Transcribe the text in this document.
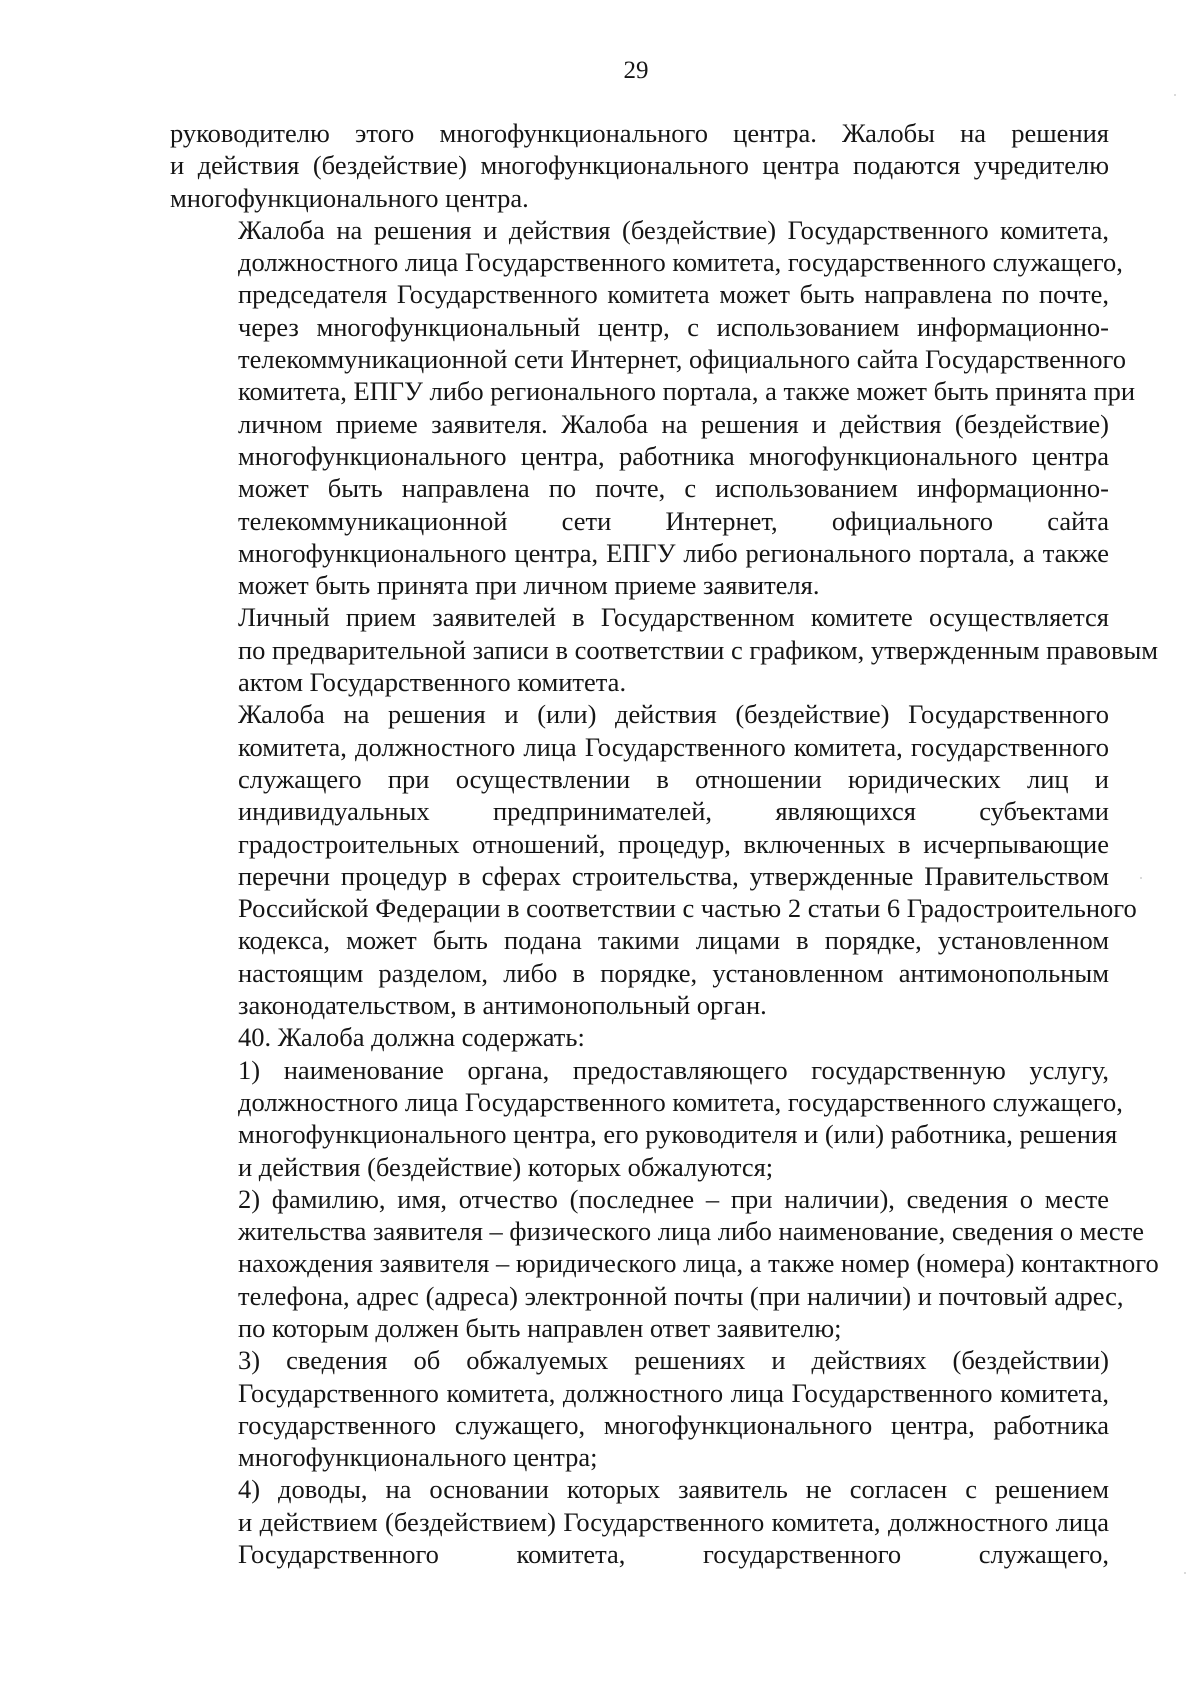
29

руководителю этого многофункционального центра. Жалобы на решения
и действия (бездействие) многофункционального центра подаются учредителю
многофункционального центра.

Жалоба на решения и действия (бездействие) Государственного комитета,
должностного лица Государственного комитета, государственного служащего,
председателя Государственного комитета может быть направлена по почте,
через многофункциональный центр, с использованием информационно-
телекоммуникационной сети Интернет, официального сайта Государственного
комитета, ЕПГУ либо регионального портала, а также может быть принята при
личном приеме заявителя. Жалоба на решения и действия (бездействие)
многофункционального центра, работника многофункционального центра
может быть направлена по почте, с использованием информационно-
телекоммуникационной сети Интернет, официального сайта
многофункционального центра, ЕПГУ либо регионального портала, а также
может быть принята при личном приеме заявителя.

Личный прием заявителей в Государственном комитете осуществляется
по предварительной записи в соответствии с графиком, утвержденным правовым
актом Государственного комитета.

Жалоба на решения и (или) действия (бездействие) Государственного
комитета, должностного лица Государственного комитета, государственного
служащего при осуществлении в отношении юридических лиц и
индивидуальных предпринимателей, являющихся субъектами
градостроительных отношений, процедур, включенных в исчерпывающие
перечни процедур в сферах строительства, утвержденные Правительством
Российской Федерации в соответствии с частью 2 статьи 6 Градостроительного
кодекса, может быть подана такими лицами в порядке, установленном
настоящим разделом, либо в порядке, установленном антимонопольным
законодательством, в антимонопольный орган.

40. Жалоба должна содержать:

1) наименование органа, предоставляющего государственную услугу,
должностного лица Государственного комитета, государственного служащего,
многофункционального центра, его руководителя и (или) работника, решения
и действия (бездействие) которых обжалуются;

2) фамилию, имя, отчество (последнее – при наличии), сведения о месте
жительства заявителя – физического лица либо наименование, сведения о месте
нахождения заявителя – юридического лица, а также номер (номера) контактного
телефона, адрес (адреса) электронной почты (при наличии) и почтовый адрес,
по которым должен быть направлен ответ заявителю;

3) сведения об обжалуемых решениях и действиях (бездействии)
Государственного комитета, должностного лица Государственного комитета,
государственного служащего, многофункционального центра, работника
многофункционального центра;

4) доводы, на основании которых заявитель не согласен с решением
и действием (бездействием) Государственного комитета, должностного лица
Государственного комитета, государственного служащего,
